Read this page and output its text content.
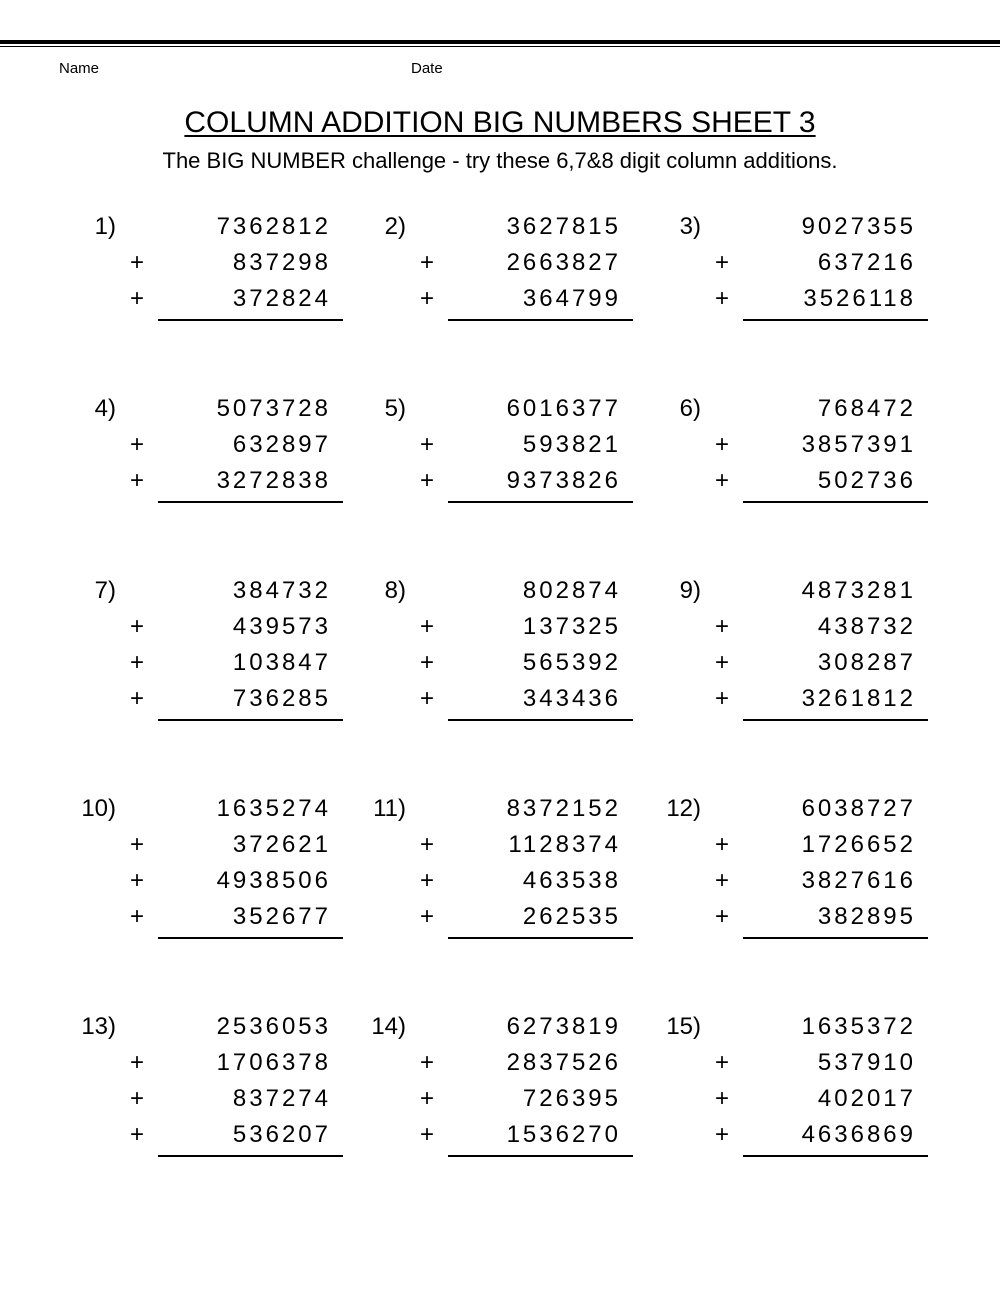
Name	Date
COLUMN ADDITION BIG NUMBERS SHEET 3
The BIG NUMBER challenge - try these 6,7&8 digit column additions.
1)	7362812
+	837298
+	372824
2)	3627815
+	2663827
+	364799
3)	9027355
+	637216
+	3526118
4)	5073728
+	632897
+	3272838
5)	6016377
+	593821
+	9373826
6)	768472
+	3857391
+	502736
7)	384732
+	439573
+	103847
+	736285
8)	802874
+	137325
+	565392
+	343436
9)	4873281
+	438732
+	308287
+	3261812
10)	1635274
+	372621
+	4938506
+	352677
11)	8372152
+	1128374
+	463538
+	262535
12)	6038727
+	1726652
+	3827616
+	382895
13)	2536053
+	1706378
+	837274
+	536207
14)	6273819
+	2837526
+	726395
+	1536270
15)	1635372
+	537910
+	402017
+	4636869
